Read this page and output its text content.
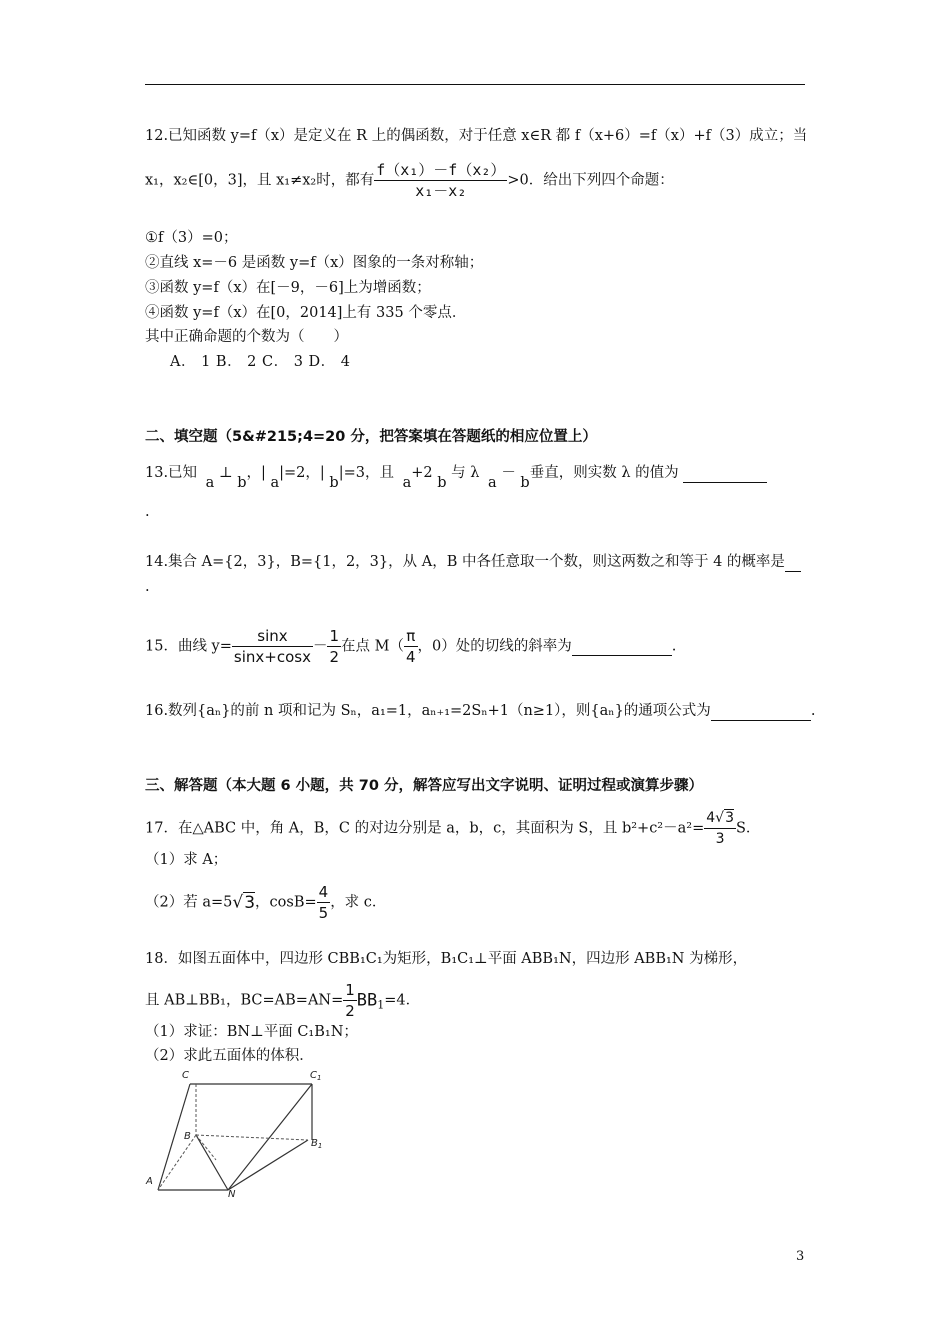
12.已知函数 y=f（x）是定义在 R 上的偶函数，对于任意 x∈R 都 f（x+6）=f（x）+f（3）成立；当
x₁，x₂∈[0，3]，且 x₁≠x₂时，都有 $\frac{\text{f（x₁）－f（x₂）}}{\text{x₁－x₂}} >0$．给出下列四个命题：
①f（3）=0；
②直线 x=－6 是函数 y=f（x）图象的一条对称轴；
③函数 y=f（x）在[－9，－6]上为增函数；
④函数 y=f（x）在[0，2014]上有 335 个零点．
其中正确命题的个数为（　　）
A． 1 B． 2 C． 3 D． 4
二、填空题（5&#215;4=20 分，把答案填在答题纸的相应位置上）
13.已知 a ⊥ b，| a|=2，| b|=3，且 a+2 b 与 λ a － b垂直，则实数 λ 的值为
.
14.集合 A={2，3}，B={1，2，3}，从 A，B 中各任意取一个数，则这两数之和等于 4 的概率是
.
15．曲线 $y= \frac{\sin x}{\sin x+\cos x} - \frac{1}{2}$ 在点 $M( \frac{\pi}{4}$ ，0）处的切线的斜率为	.
16.数列{aₙ}的前 n 项和记为 Sₙ，a₁=1，aₙ₊₁=2Sₙ+1（n≥1），则{aₙ}的通项公式为	.
三、解答题（本大题 6 小题，共 70 分，解答应写出文字说明、证明过程或演算步骤）
17．在△ABC 中，角 A，B，C 的对边分别是 a，b，c，其面积为 S，且 $b^2+c^2-a^2= \frac{4√3}{3}$ S．
（1）求 A；
（2）若 a=5√3，$\cos B= \frac{4}{5}$ ，求 c．
18．如图五面体中，四边形 CBB₁C₁为矩形，B₁C₁⊥平面 ABB₁N，四边形 ABB₁N 为梯形，
且 AB⊥BB₁，$BC=AB=AN= \frac{1}{2} BB_1=4$．
（1）求证：BN⊥平面 C₁B₁N；
（2）求此五面体的体积．
C	$C_1$
B
$B_1$
A
N
3
